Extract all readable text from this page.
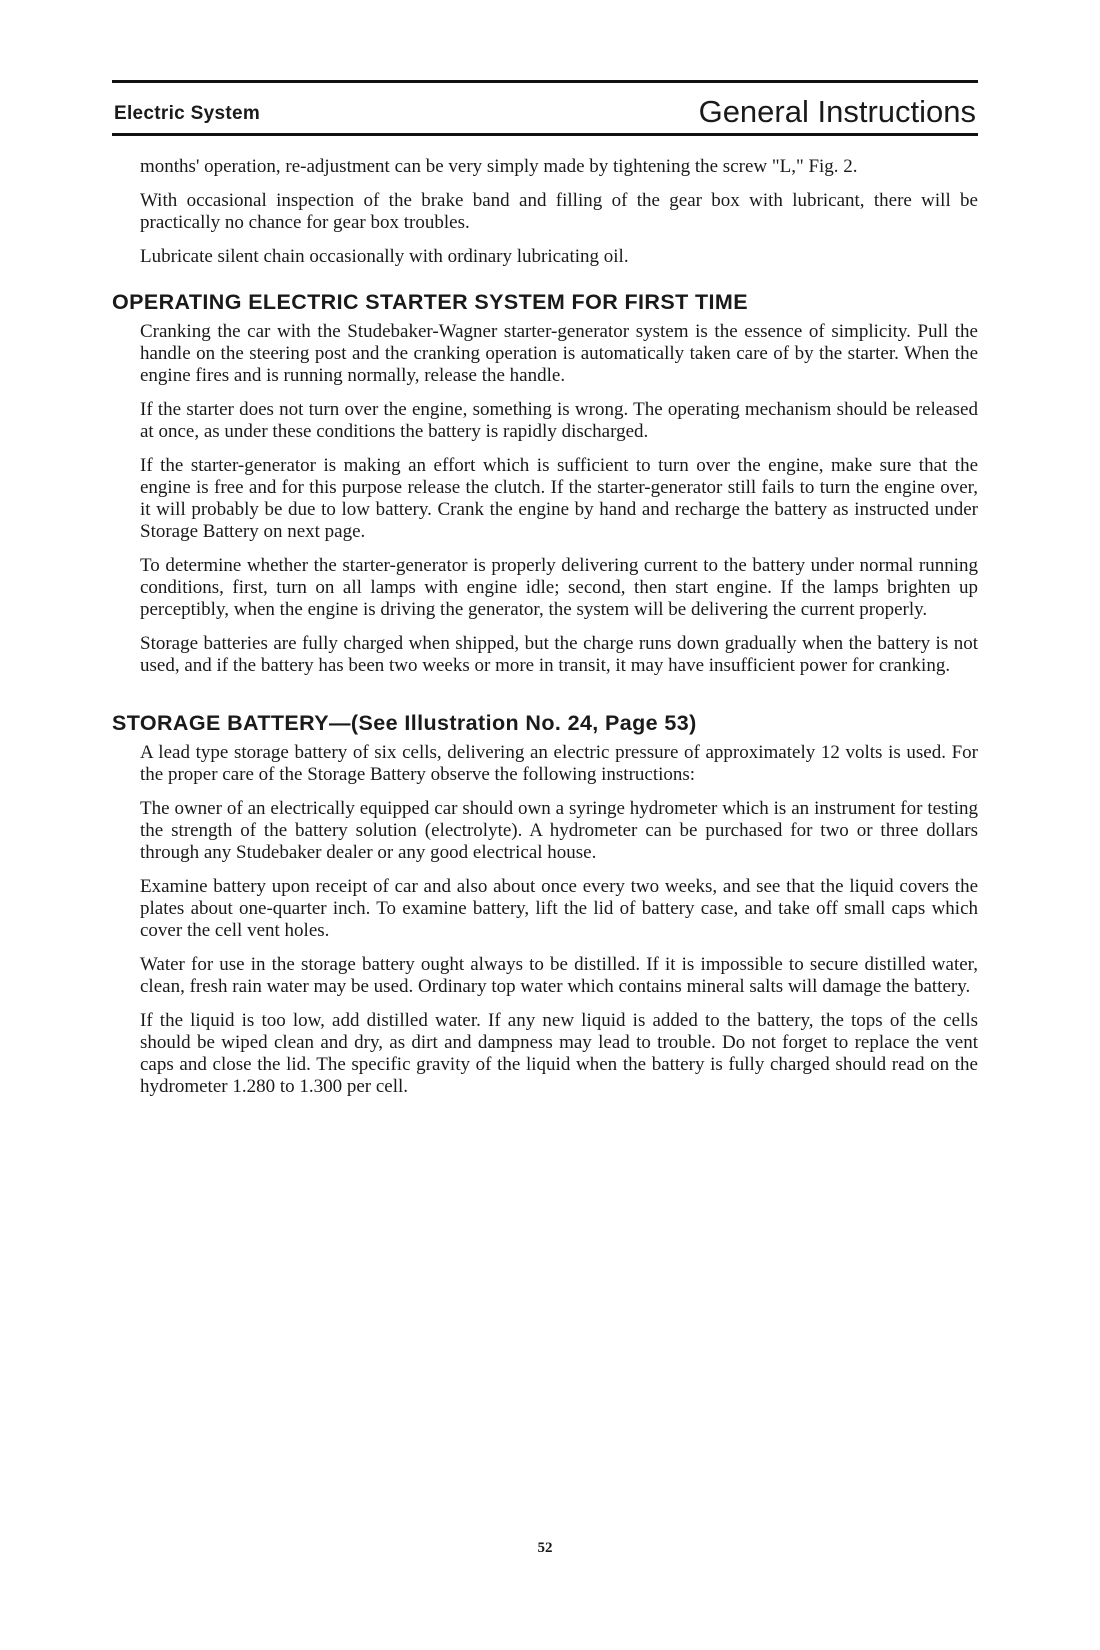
Electric System	General Instructions

months' operation, re-adjustment can be very simply made by tightening the screw "L," Fig. 2.

With occasional inspection of the brake band and filling of the gear box with lubricant, there will be practically no chance for gear box troubles.

Lubricate silent chain occasionally with ordinary lubricating oil.

OPERATING ELECTRIC STARTER SYSTEM FOR FIRST TIME

Cranking the car with the Studebaker-Wagner starter-generator system is the essence of simplicity. Pull the handle on the steering post and the cranking operation is automatically taken care of by the starter. When the engine fires and is running normally, release the handle.

If the starter does not turn over the engine, something is wrong. The operating mechanism should be released at once, as under these conditions the battery is rapidly discharged.

If the starter-generator is making an effort which is sufficient to turn over the engine, make sure that the engine is free and for this purpose release the clutch. If the starter-generator still fails to turn the engine over, it will probably be due to low battery. Crank the engine by hand and recharge the battery as instructed under Storage Battery on next page.

To determine whether the starter-generator is properly delivering current to the battery under normal running conditions, first, turn on all lamps with engine idle; second, then start engine. If the lamps brighten up perceptibly, when the engine is driving the generator, the system will be delivering the current properly.

Storage batteries are fully charged when shipped, but the charge runs down gradually when the battery is not used, and if the battery has been two weeks or more in transit, it may have insufficient power for cranking.

STORAGE BATTERY—(See Illustration No. 24, Page 53)

A lead type storage battery of six cells, delivering an electric pressure of approximately 12 volts is used. For the proper care of the Storage Battery observe the following instructions:

The owner of an electrically equipped car should own a syringe hydrometer which is an instrument for testing the strength of the battery solution (electrolyte). A hydrometer can be purchased for two or three dollars through any Studebaker dealer or any good electrical house.

Examine battery upon receipt of car and also about once every two weeks, and see that the liquid covers the plates about one-quarter inch. To examine battery, lift the lid of battery case, and take off small caps which cover the cell vent holes.

Water for use in the storage battery ought always to be distilled. If it is impossible to secure distilled water, clean, fresh rain water may be used. Ordinary top water which contains mineral salts will damage the battery.

If the liquid is too low, add distilled water. If any new liquid is added to the battery, the tops of the cells should be wiped clean and dry, as dirt and dampness may lead to trouble. Do not forget to replace the vent caps and close the lid. The specific gravity of the liquid when the battery is fully charged should read on the hydrometer 1.280 to 1.300 per cell.

52
